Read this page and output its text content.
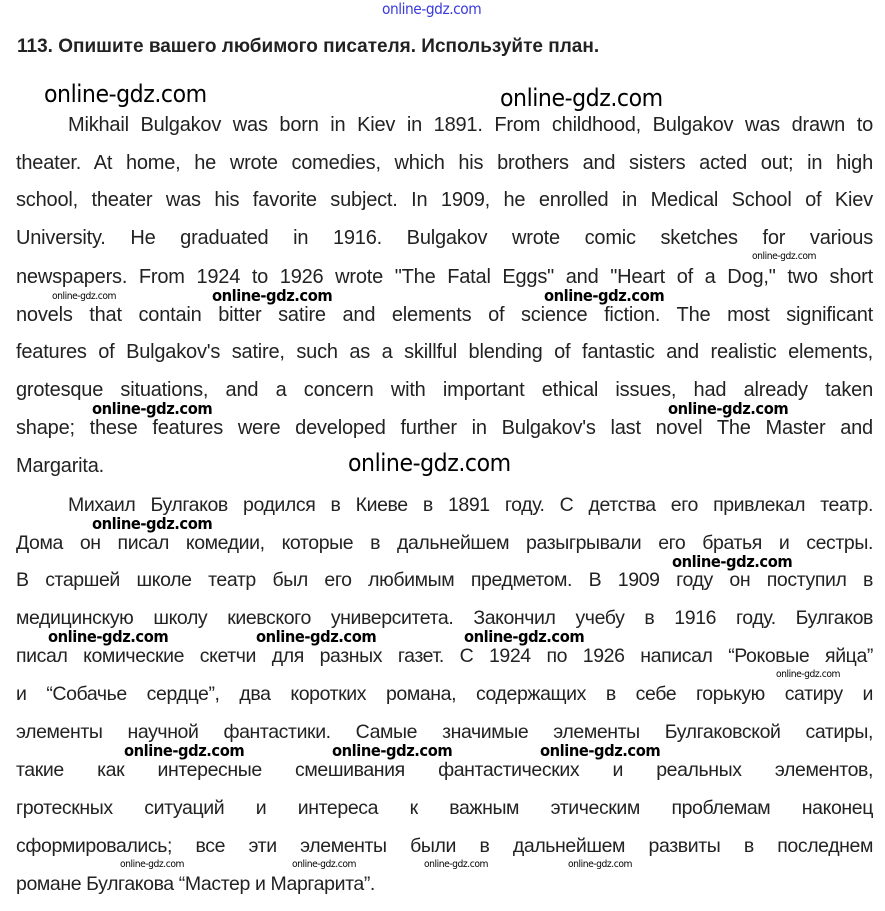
online-gdz.com
113. Опишите вашего любимого писателя. Используйте план.
Mikhail Bulgakov was born in Kiev in 1891. From childhood, Bulgakov was drawn to
theater. At home, he wrote comedies, which his brothers and sisters acted out; in high
school, theater was his favorite subject. In 1909, he enrolled in Medical School of Kiev
University. He graduated in 1916. Bulgakov wrote comic sketches for various
newspapers. From 1924 to 1926 wrote "The Fatal Eggs" and "Heart of a Dog," two short
novels that contain bitter satire and elements of science fiction. The most significant
features of Bulgakov's satire, such as a skillful blending of fantastic and realistic elements,
grotesque situations, and a concern with important ethical issues, had already taken
shape; these features were developed further in Bulgakov's last novel The Master and
Margarita.
Михаил Булгаков родился в Киеве в 1891 году. С детства его привлекал театр.
Дома он писал комедии, которые в дальнейшем разыгрывали его братья и сестры.
В старшей школе театр был его любимым предметом. В 1909 году он поступил в
медицинскую школу киевского университета. Закончил учебу в 1916 году. Булгаков
писал комические скетчи для разных газет. С 1924 по 1926 написал “Роковые яйца”
и “Собачье сердце”, два коротких романа, содержащих в себе горькую сатиру и
элементы научной фантастики. Самые значимые элементы Булгаковской сатиры,
такие как интересные смешивания фантастических и реальных элементов,
гротескных ситуаций и интереса к важным этическим проблемам наконец
сформировались; все эти элементы были в дальнейшем развиты в последнем
романе Булгакова “Мастер и Маргарита”.
online-gdz.com	online-gdz.com
online-gdz.com
online-gdz.com	online-gdz.com	online-gdz.com
online-gdz.com	online-gdz.com
online-gdz.com
online-gdz.com
online-gdz.com
online-gdz.com	online-gdz.com	online-gdz.com
online-gdz.com
online-gdz.com	online-gdz.com	online-gdz.com
online-gdz.com	online-gdz.com	online-gdz.com	online-gdz.com
